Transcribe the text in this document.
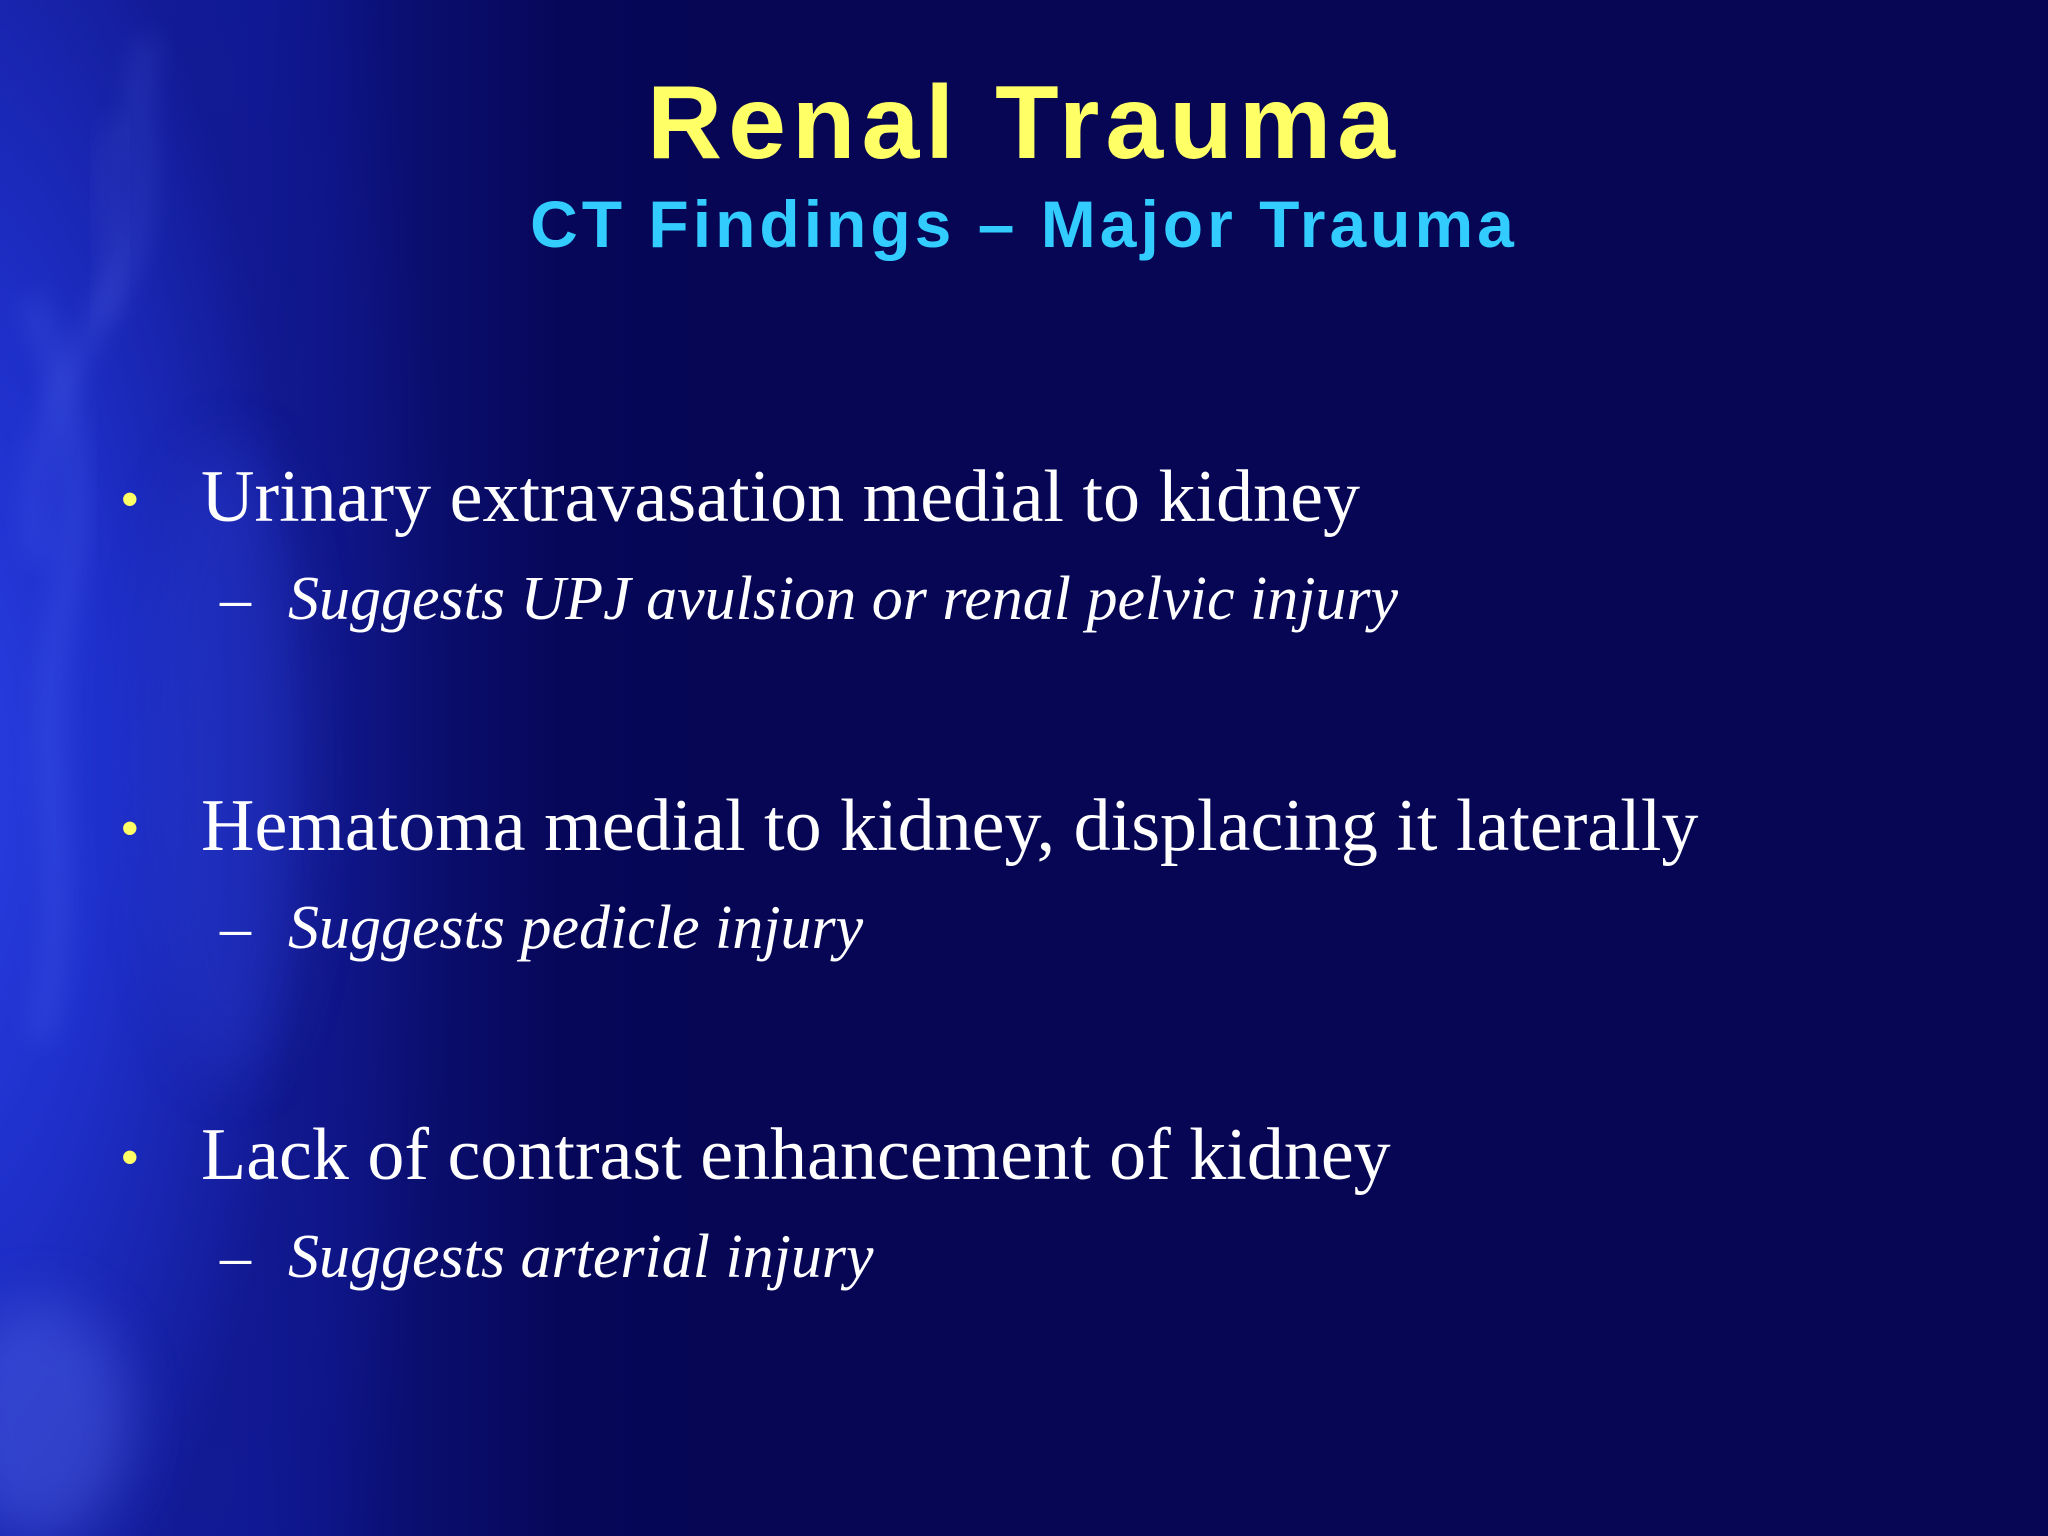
Renal Trauma
CT Findings – Major Trauma
• Urinary extravasation medial to kidney
– Suggests UPJ avulsion or renal pelvic injury
• Hematoma medial to kidney, displacing it laterally
– Suggests pedicle injury
• Lack of contrast enhancement of kidney
– Suggests arterial injury
